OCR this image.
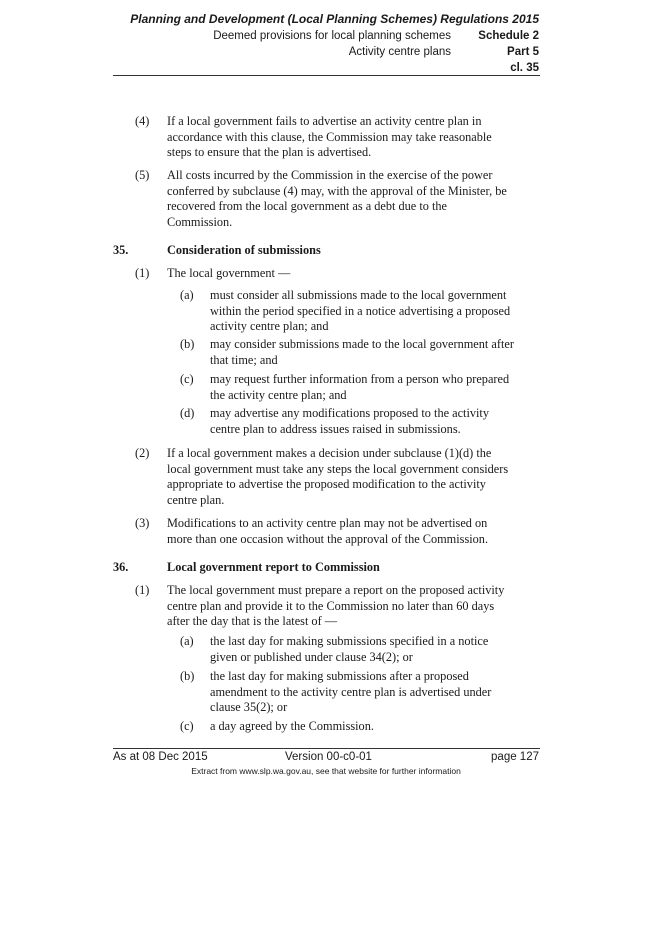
Planning and Development (Local Planning Schemes) Regulations 2015
Deemed provisions for local planning schemes Schedule 2
Activity centre plans	Part 5
cl. 35
(4) If a local government fails to advertise an activity centre plan in
accordance with this clause, the Commission may take reasonable
steps to ensure that the plan is advertised.
(5) All costs incurred by the Commission in the exercise of the power
conferred by subclause (4) may, with the approval of the Minister, be
recovered from the local government as a debt due to the
Commission.
35.	Consideration of submissions
(1) The local government —
(a) must consider all submissions made to the local government
within the period specified in a notice advertising a proposed
activity centre plan; and
(b) may consider submissions made to the local government after
that time; and
(c) may request further information from a person who prepared
the activity centre plan; and
(d) may advertise any modifications proposed to the activity
centre plan to address issues raised in submissions.
(2) If a local government makes a decision under subclause (1)(d) the
local government must take any steps the local government considers
appropriate to advertise the proposed modification to the activity
centre plan.
(3) Modifications to an activity centre plan may not be advertised on
more than one occasion without the approval of the Commission.
36.	Local government report to Commission
(1) The local government must prepare a report on the proposed activity
centre plan and provide it to the Commission no later than 60 days
after the day that is the latest of —
(a) the last day for making submissions specified in a notice
given or published under clause 34(2); or
(b) the last day for making submissions after a proposed
amendment to the activity centre plan is advertised under
clause 35(2); or
(c) a day agreed by the Commission.
As at 08 Dec 2015	Version 00-c0-01	page 127
Extract from www.slp.wa.gov.au, see that website for further information
